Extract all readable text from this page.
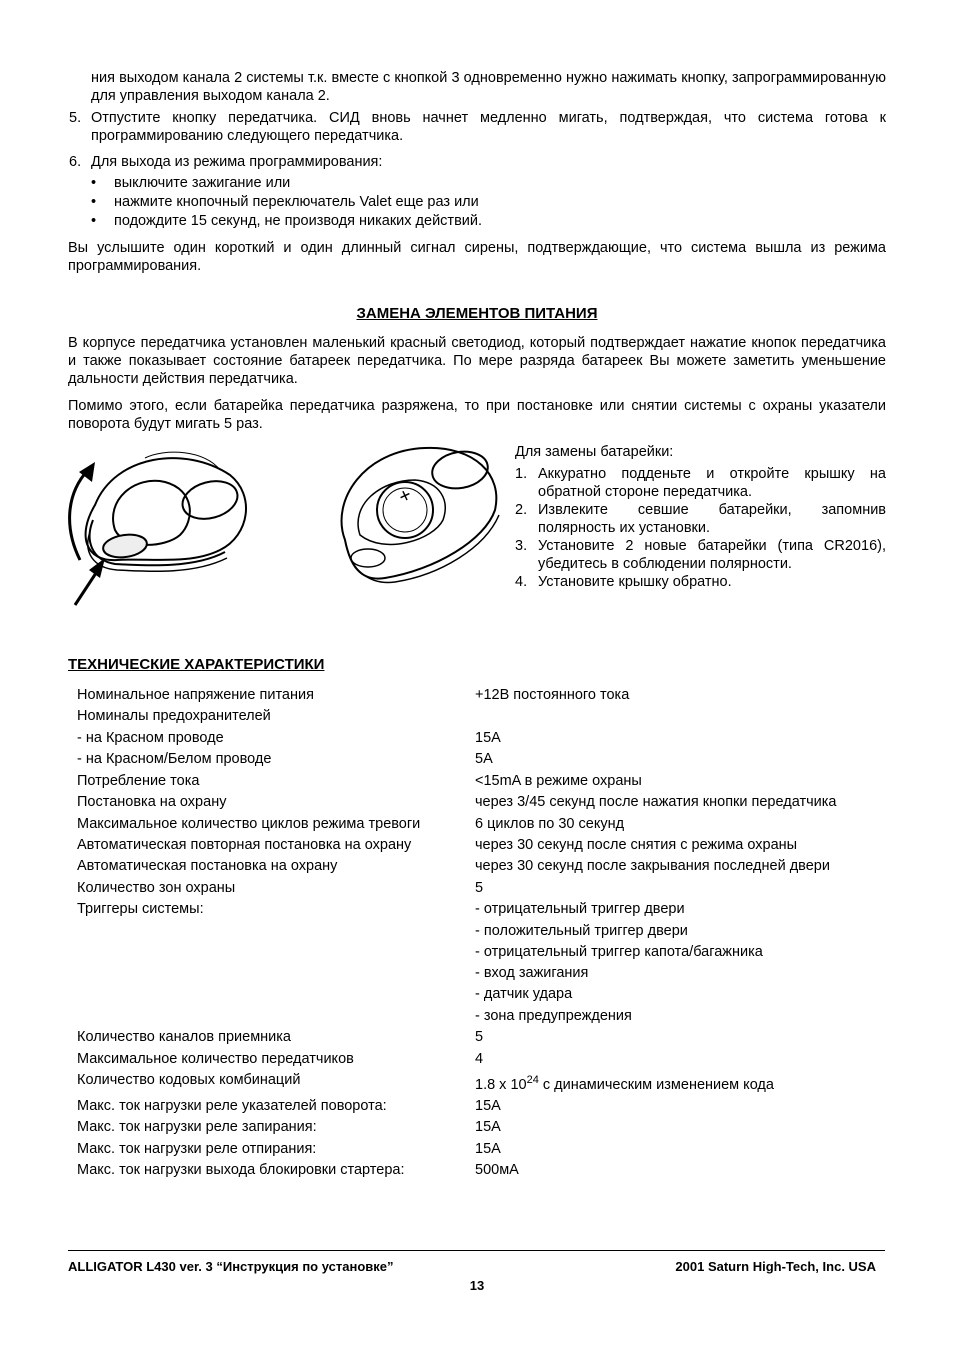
ния выходом канала 2 системы т.к. вместе с кнопкой 3 одновременно нужно нажимать кнопку, запрограммированную для управления выходом канала 2.

5. Отпустите кнопку передатчика. СИД вновь начнет медленно мигать, подтверждая, что система готова к программированию следующего передатчика.

6. Для выхода из режима программирования:

• выключите зажигание или
• нажмите кнопочный переключатель Valet еще раз или
• подождите 15 секунд, не производя никаких действий.

Вы услышите один короткий и один длинный сигнал сирены, подтверждающие, что система вышла из режима программирования.

ЗАМЕНА ЭЛЕМЕНТОВ ПИТАНИЯ

В корпусе передатчика установлен маленький красный светодиод, который подтверждает нажатие кнопок передатчика и также показывает состояние батареек передатчика. По мере разряда батареек Вы можете заметить уменьшение дальности действия передатчика.

Помимо этого, если батарейка передатчика разряжена, то при постановке или снятии системы с охраны указатели поворота будут мигать 5 раз.

+

Для замены батарейки:

1. Аккуратно подденьте и откройте крышку на обратной стороне передатчика.
2. Извлеките севшие батарейки, запомнив полярность их установки.
3. Установите 2 новые батарейки (типа CR2016), убедитесь в соблюдении полярности.
4. Установите крышку обратно.
ТЕХНИЧЕСКИЕ ХАРАКТЕРИСТИКИ
Номинальное напряжение питания	+12В постоянного тока
Номиналы предохранителей
- на Красном проводе	15А
- на Красном/Белом проводе	5А
Потребление тока	<15mA в режиме охраны
Постановка на охрану	через 3/45 секунд после нажатия кнопки передатчика
Максимальное количество циклов режима тревоги	6 циклов по 30 секунд
Автоматическая повторная постановка на охрану	через 30 секунд после снятия с режима охраны
Автоматическая постановка на охрану	через 30 секунд после закрывания последней двери
Количество зон охраны	5
Триггеры системы:	- отрицательный триггер двери
- положительный триггер двери
- отрицательный триггер капота/багажника
- вход зажигания
- датчик удара
- зона предупреждения
Количество каналов приемника	5
Максимальное количество передатчиков	4
Количество кодовых комбинаций	1.8 x $10^{24}$ с динамическим изменением кода
Макс. ток нагрузки реле указателей поворота:	15А
Макс. ток нагрузки реле запирания:	15А
Макс. ток нагрузки реле отпирания:	15А
Макс. ток нагрузки выхода блокировки стартера:	500мА
ALLIGATOR L430 ver. 3 “Инструкция по установке”	2001 Saturn High-Tech, Inc. USA
13
